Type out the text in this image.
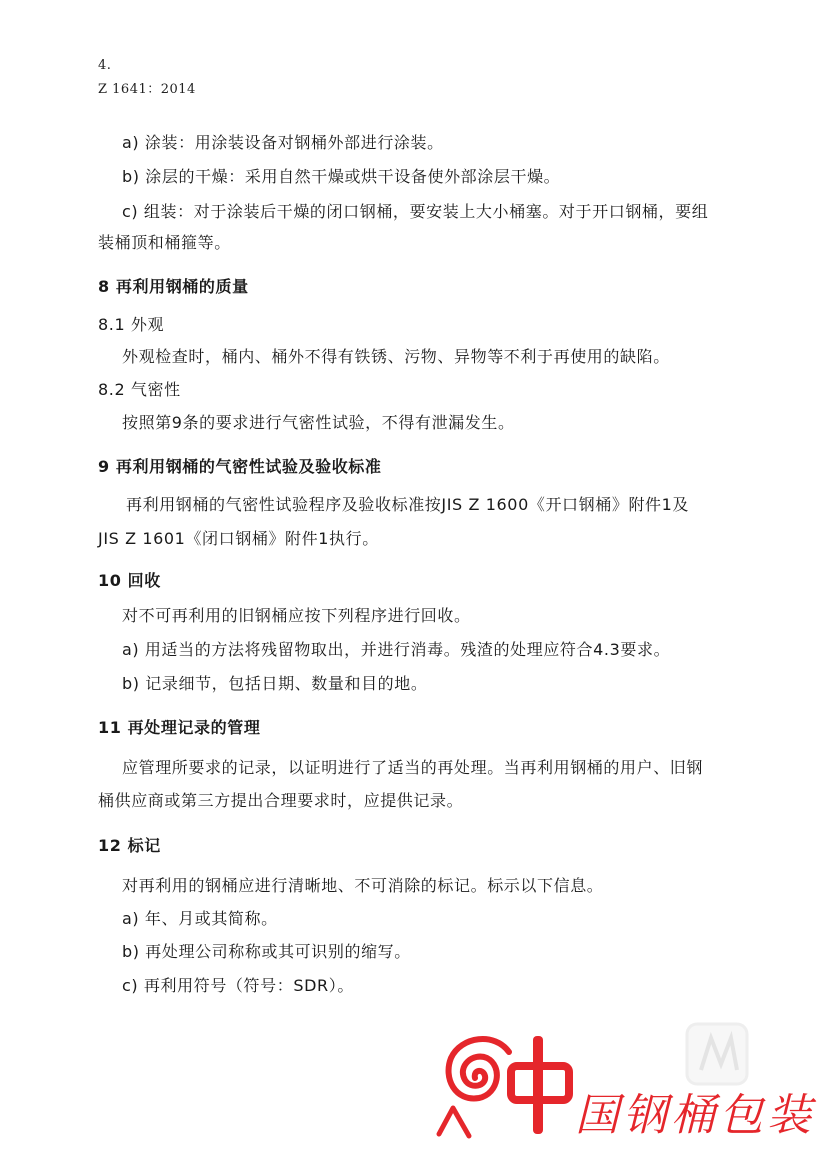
4.
Z 1641：2014
a) 涂装：用涂装设备对钢桶外部进行涂装。
b) 涂层的干燥：采用自然干燥或烘干设备使外部涂层干燥。
c) 组装：对于涂装后干燥的闭口钢桶，要安装上大小桶塞。对于开口钢桶，要组
装桶顶和桶箍等。
8 再利用钢桶的质量
8.1 外观
外观检查时，桶内、桶外不得有铁锈、污物、异物等不利于再使用的缺陷。
8.2 气密性
按照第9条的要求进行气密性试验，不得有泄漏发生。
9 再利用钢桶的气密性试验及验收标准
再利用钢桶的气密性试验程序及验收标准按JIS Z 1600《开口钢桶》附件1及
JIS Z 1601《闭口钢桶》附件1执行。
10 回收
对不可再利用的旧钢桶应按下列程序进行回收。
a) 用适当的方法将残留物取出，并进行消毒。残渣的处理应符合4.3要求。
b) 记录细节，包括日期、数量和目的地。
11 再处理记录的管理
应管理所要求的记录，以证明进行了适当的再处理。当再利用钢桶的用户、旧钢
桶供应商或第三方提出合理要求时，应提供记录。
12 标记
对再利用的钢桶应进行清晰地、不可消除的标记。标示以下信息。
a) 年、月或其简称。
b) 再处理公司称称或其可识别的缩写。
c) 再利用符号（符号：SDR）。
国钢桶包装
